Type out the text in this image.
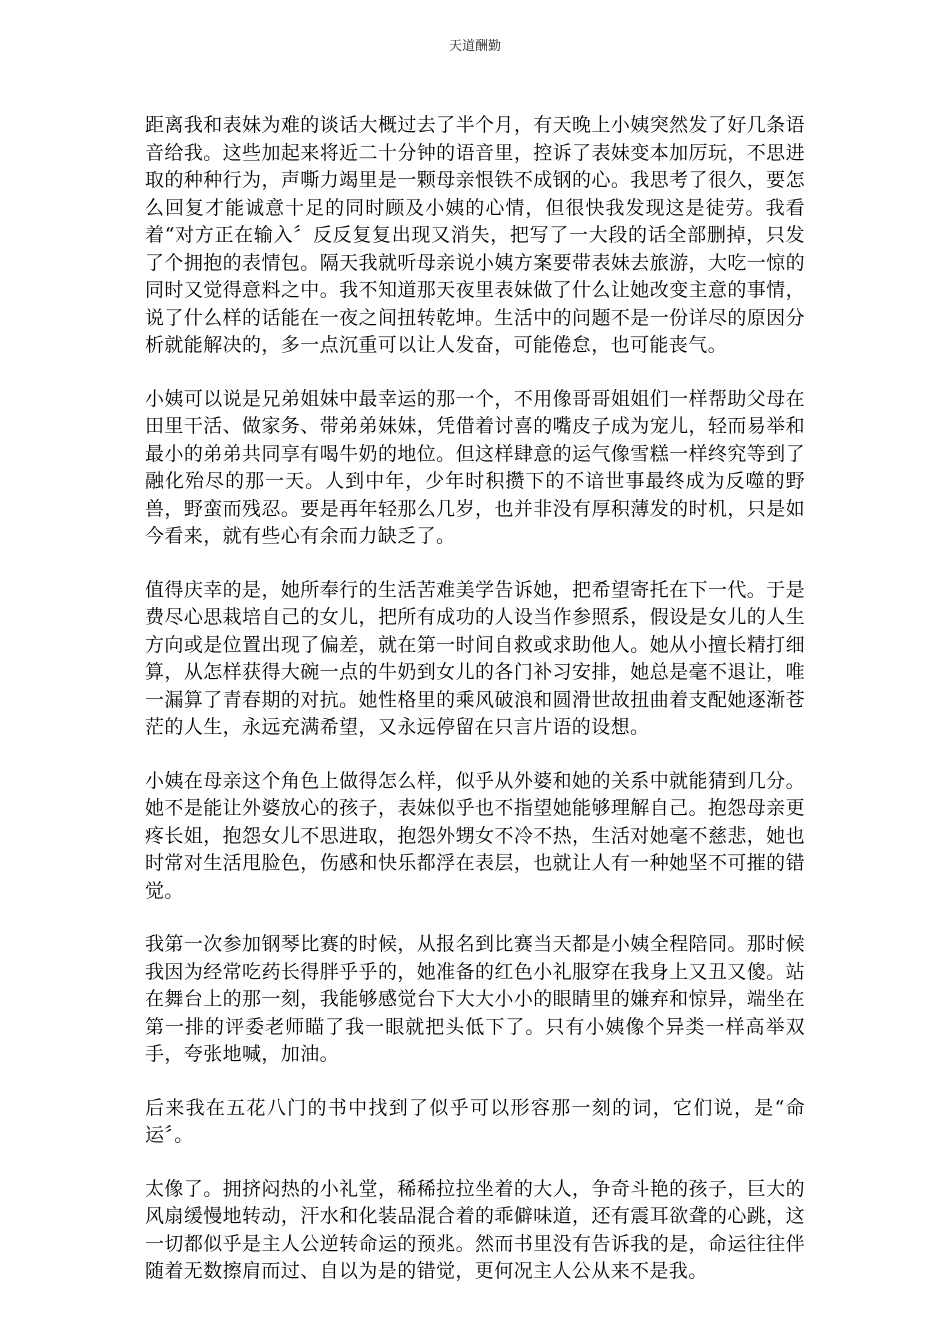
天道酬勤

距离我和表妹为难的谈话大概过去了半个月，有天晚上小姨突然发了好几条语音给我。这些加起来将近二十分钟的语音里，控诉了表妹变本加厉玩，不思进取的种种行为，声嘶力竭里是一颗母亲恨铁不成钢的心。我思考了很久，要怎么回复才能诚意十足的同时顾及小姨的心情，但很快我发现这是徒劳。我看着“对方正在输入〞反反复复出现又消失，把写了一大段的话全部删掉，只发了个拥抱的表情包。隔天我就听母亲说小姨方案要带表妹去旅游，大吃一惊的同时又觉得意料之中。我不知道那天夜里表妹做了什么让她改变主意的事情，说了什么样的话能在一夜之间扭转乾坤。生活中的问题不是一份详尽的原因分析就能解决的，多一点沉重可以让人发奋，可能倦怠，也可能丧气。

小姨可以说是兄弟姐妹中最幸运的那一个，不用像哥哥姐姐们一样帮助父母在田里干活、做家务、带弟弟妹妹，凭借着讨喜的嘴皮子成为宠儿，轻而易举和最小的弟弟共同享有喝牛奶的地位。但这样肆意的运气像雪糕一样终究等到了融化殆尽的那一天。人到中年，少年时积攒下的不谙世事最终成为反噬的野兽，野蛮而残忍。要是再年轻那么几岁，也并非没有厚积薄发的时机，只是如今看来，就有些心有余而力缺乏了。

值得庆幸的是，她所奉行的生活苦难美学告诉她，把希望寄托在下一代。于是费尽心思栽培自己的女儿，把所有成功的人设当作参照系，假设是女儿的人生方向或是位置出现了偏差，就在第一时间自救或求助他人。她从小擅长精打细算，从怎样获得大碗一点的牛奶到女儿的各门补习安排，她总是毫不退让，唯一漏算了青春期的对抗。她性格里的乘风破浪和圆滑世故扭曲着支配她逐渐苍茫的人生，永远充满希望，又永远停留在只言片语的设想。

小姨在母亲这个角色上做得怎么样，似乎从外婆和她的关系中就能猜到几分。她不是能让外婆放心的孩子，表妹似乎也不指望她能够理解自己。抱怨母亲更疼长姐，抱怨女儿不思进取，抱怨外甥女不冷不热，生活对她毫不慈悲，她也时常对生活甩脸色，伤感和快乐都浮在表层，也就让人有一种她坚不可摧的错觉。

我第一次参加钢琴比赛的时候，从报名到比赛当天都是小姨全程陪同。那时候我因为经常吃药长得胖乎乎的，她准备的红色小礼服穿在我身上又丑又傻。站在舞台上的那一刻，我能够感觉台下大大小小的眼睛里的嫌弃和惊异，端坐在第一排的评委老师瞄了我一眼就把头低下了。只有小姨像个异类一样高举双手，夸张地喊，加油。

后来我在五花八门的书中找到了似乎可以形容那一刻的词，它们说，是“命运〞。

太像了。拥挤闷热的小礼堂，稀稀拉拉坐着的大人，争奇斗艳的孩子，巨大的风扇缓慢地转动，汗水和化装品混合着的乖僻味道，还有震耳欲聋的心跳，这一切都似乎是主人公逆转命运的预兆。然而书里没有告诉我的是，命运往往伴随着无数擦肩而过、自以为是的错觉，更何况主人公从来不是我。
